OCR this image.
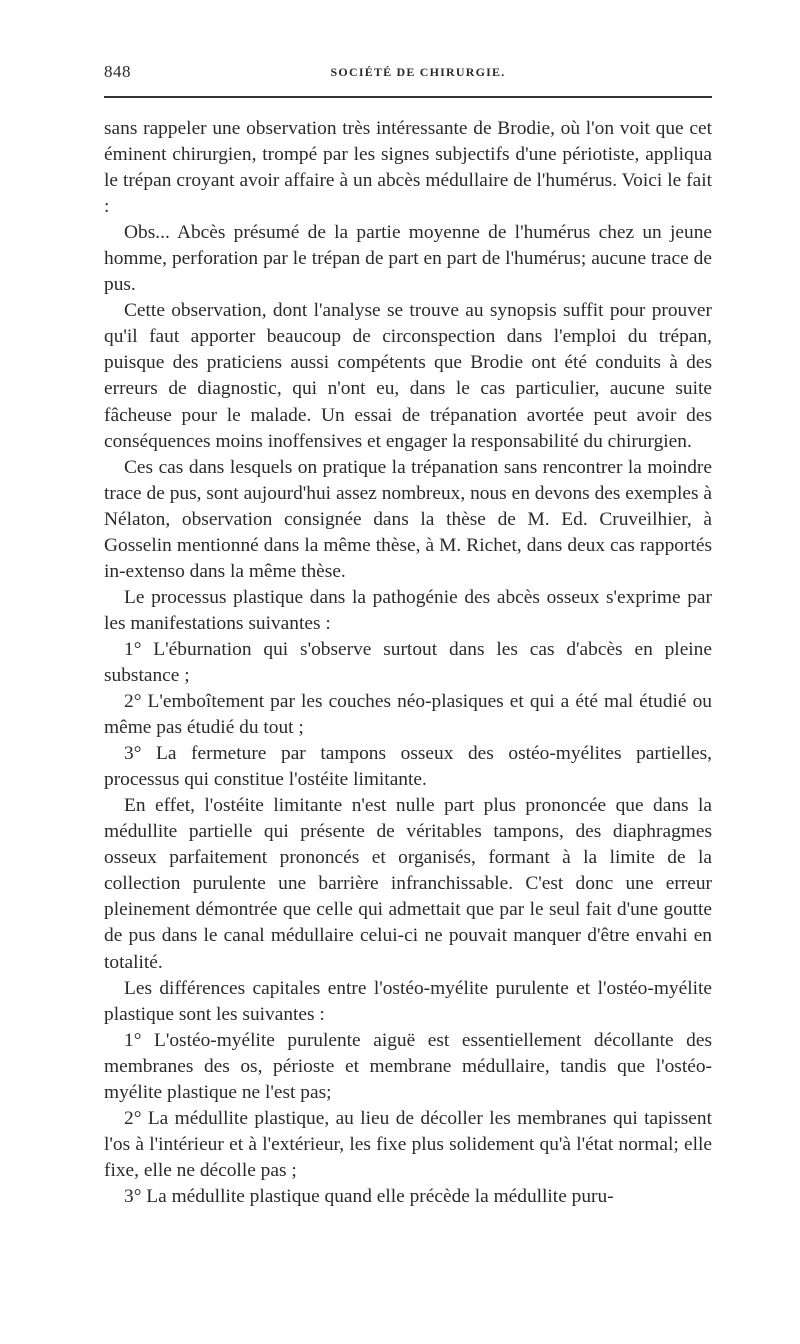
848	SOCIÉTÉ DE CHIRURGIE.

sans rappeler une observation très intéressante de Brodie, où l'on voit que cet éminent chirurgien, trompé par les signes subjectifs d'une périotiste, appliqua le trépan croyant avoir affaire à un abcès médullaire de l'humérus. Voici le fait :

Obs... Abcès présumé de la partie moyenne de l'humérus chez un jeune homme, perforation par le trépan de part en part de l'humérus; aucune trace de pus.

Cette observation, dont l'analyse se trouve au synopsis suffit pour prouver qu'il faut apporter beaucoup de circonspection dans l'emploi du trépan, puisque des praticiens aussi compétents que Brodie ont été conduits à des erreurs de diagnostic, qui n'ont eu, dans le cas particulier, aucune suite fâcheuse pour le malade. Un essai de trépanation avortée peut avoir des conséquences moins inoffensives et engager la responsabilité du chirurgien.

Ces cas dans lesquels on pratique la trépanation sans rencontrer la moindre trace de pus, sont aujourd'hui assez nombreux, nous en devons des exemples à Nélaton, observation consignée dans la thèse de M. Ed. Cruveilhier, à Gosselin mentionné dans la même thèse, à M. Richet, dans deux cas rapportés in-extenso dans la même thèse.

Le processus plastique dans la pathogénie des abcès osseux s'exprime par les manifestations suivantes :

1° L'éburnation qui s'observe surtout dans les cas d'abcès en pleine substance ;

2° L'emboîtement par les couches néo-plasiques et qui a été mal étudié ou même pas étudié du tout ;

3° La fermeture par tampons osseux des ostéo-myélites partielles, processus qui constitue l'ostéite limitante.

En effet, l'ostéite limitante n'est nulle part plus prononcée que dans la médullite partielle qui présente de véritables tampons, des diaphragmes osseux parfaitement prononcés et organisés, formant à la limite de la collection purulente une barrière infranchissable. C'est donc une erreur pleinement démontrée que celle qui admettait que par le seul fait d'une goutte de pus dans le canal médullaire celui-ci ne pouvait manquer d'être envahi en totalité.

Les différences capitales entre l'ostéo-myélite purulente et l'ostéo-myélite plastique sont les suivantes :

1° L'ostéo-myélite purulente aiguë est essentiellement décollante des membranes des os, périoste et membrane médullaire, tandis que l'ostéo-myélite plastique ne l'est pas;

2° La médullite plastique, au lieu de décoller les membranes qui tapissent l'os à l'intérieur et à l'extérieur, les fixe plus solidement qu'à l'état normal; elle fixe, elle ne décolle pas ;

3° La médullite plastique quand elle précède la médullite puru-
